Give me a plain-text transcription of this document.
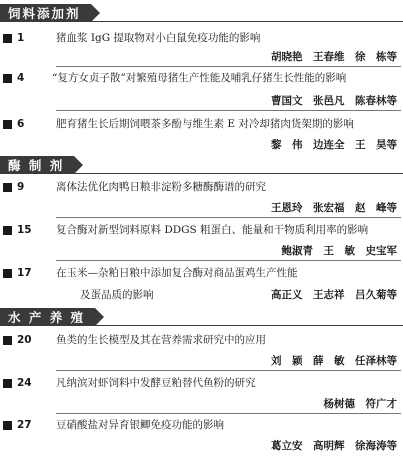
饲料添加剂
1	猪血浆 IgG 提取物对小白鼠免疫功能的影响
胡晓艳　王春维　徐　栋等
4	“复方女贞子散”对繁殖母猪生产性能及哺乳仔猪生长性能的影响
曹国文　张邑凡　陈春林等
6	肥育猪生长后期饲喂茶多酚与维生素 E 对冷却猪肉货架期的影响
黎　伟　边连全　王　昊等
酶 制 剂
9	离体法优化肉鸭日粮非淀粉多糖酶酶谱的研究
王恩玲　张宏福　赵　峰等
15 复合酶对新型饲料原料 DDGS 粗蛋白、能量和干物质利用率的影响
鲍淑青　王　敏　史宝军
17 在玉米—杂粕日粮中添加复合酶对商品蛋鸡生产性能
及蛋品质的影响	高正义　王志祥　吕久菊等
水 产 养 殖
20 鱼类的生长模型及其在营养需求研究中的应用
刘　颖　薛　敏　任泽林等
24 凡纳滨对虾饲料中发酵豆粕替代鱼粉的研究
杨树德　符广才
27 豆硝酸盐对异育银鲫免疫功能的影响
葛立安　高明辉　徐海涛等
